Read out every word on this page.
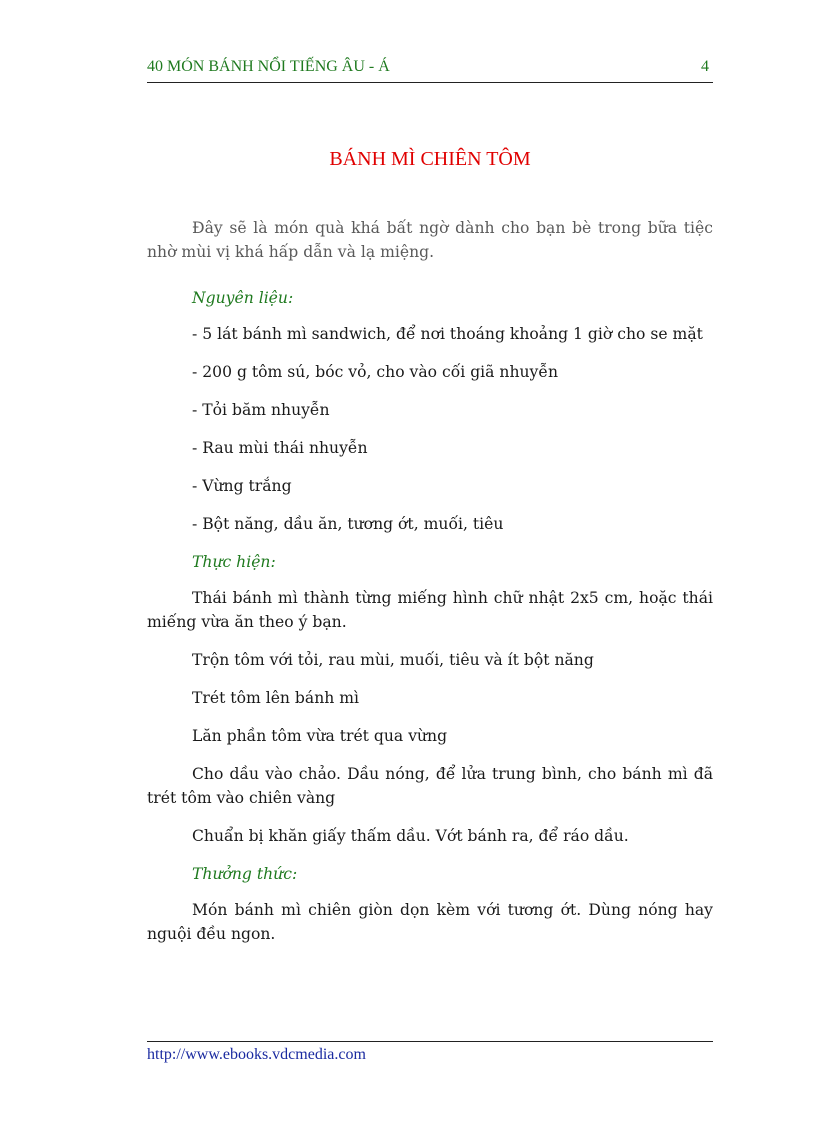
40 MÓN BÁNH NỔI TIẾNG ÂU - Á	4
BÁNH MÌ CHIÊN TÔM

Đây sẽ là món quà khá bất ngờ dành cho bạn bè trong bữa tiệc nhờ mùi vị khá hấp dẫn và lạ miệng.

Nguyên liệu:

- 5 lát bánh mì sandwich, để nơi thoáng khoảng 1 giờ cho se mặt

- 200 g tôm sú, bóc vỏ, cho vào cối giã nhuyễn

- Tỏi băm nhuyễn

- Rau mùi thái nhuyễn

- Vừng trắng

- Bột năng, dầu ăn, tương ớt, muối, tiêu

Thực hiện:

Thái bánh mì thành từng miếng hình chữ nhật 2x5 cm, hoặc thái miếng vừa ăn theo ý bạn.

Trộn tôm với tỏi, rau mùi, muối, tiêu và ít bột năng

Trét tôm lên bánh mì

Lăn phần tôm vừa trét qua vừng

Cho dầu vào chảo. Dầu nóng, để lửa trung bình, cho bánh mì đã trét tôm vào chiên vàng

Chuẩn bị khăn giấy thấm dầu. Vớt bánh ra, để ráo dầu.

Thưởng thức:

Món bánh mì chiên giòn dọn kèm với tương ớt. Dùng nóng hay nguội đều ngon.

http://www.ebooks.vdcmedia.com
